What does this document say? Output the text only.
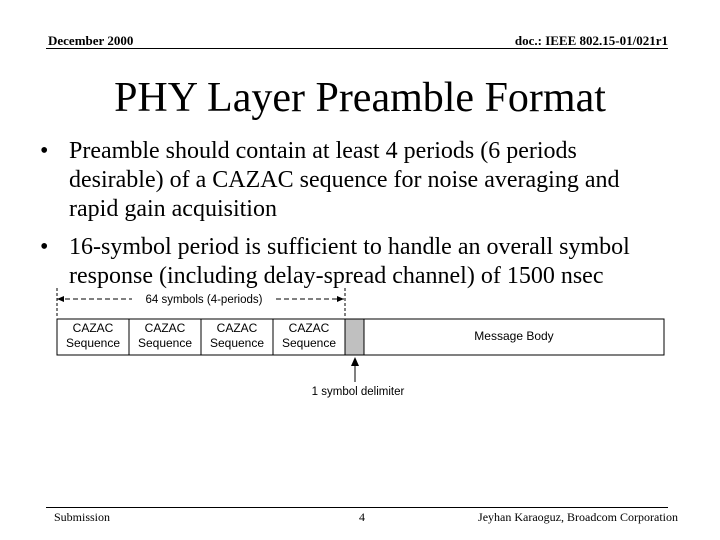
December 2000	doc.: IEEE 802.15-01/021r1
PHY Layer Preamble Format
• Preamble should contain at least 4 periods (6 periods
desirable) of a CAZAC sequence for noise averaging and
rapid gain acquisition
• 16-symbol period is sufficient to handle an overall symbol
response (including delay-spread channel) of 1500 nsec
64 symbols (4-periods)
1 symbol delimiter
CAZAC
Sequence
CAZAC
Sequence
CAZAC
Sequence
CAZAC
Sequence
Message Body
Submission	4	Jeyhan Karaoguz, Broadcom Corporation
